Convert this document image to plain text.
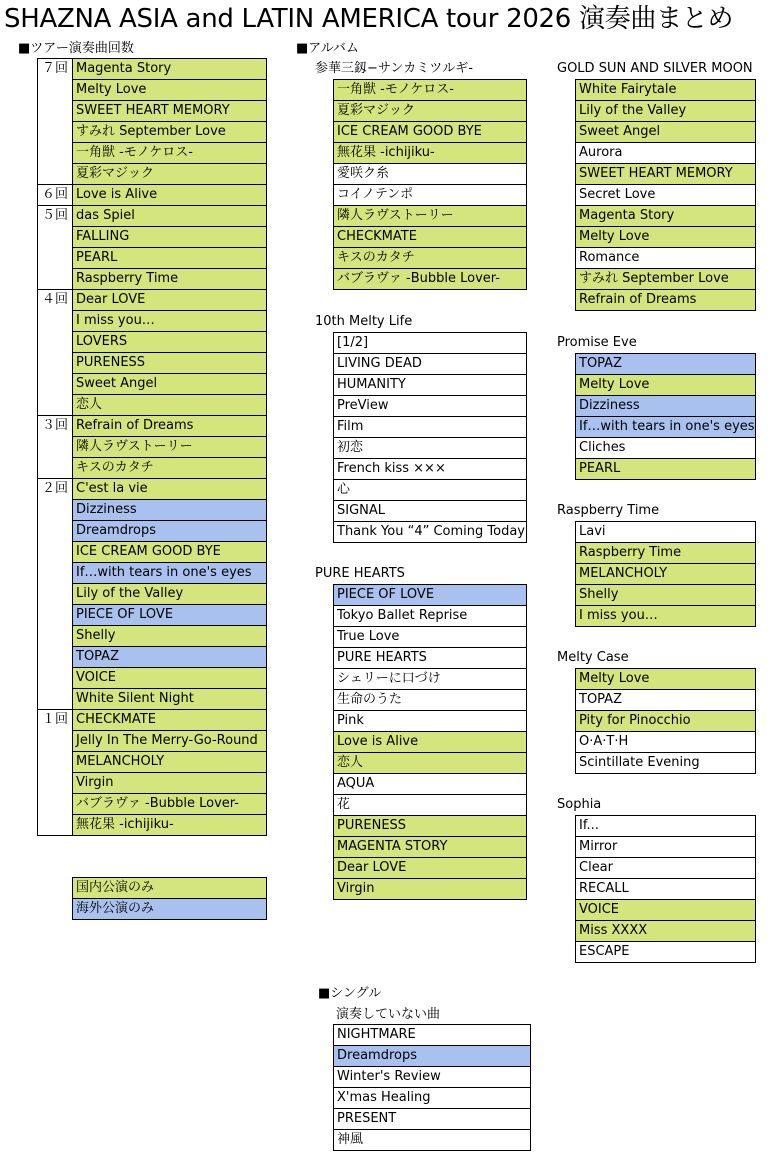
SHAZNA ASIA and LATIN AMERICA tour 2026 演奏曲まとめ
■ツアー演奏曲回数	■アルバム
■シングル
７回 Magenta Story
Melty Love
SWEET HEART MEMORY
すみれ September Love
一角獣 -モノケロス-
夏彩マジック
６回 Love is Alive
５回 das Spiel
FALLING
PEARL
Raspberry Time
４回 Dear LOVE
I miss you…
LOVERS
PURENESS
Sweet Angel
恋人
３回 Refrain of Dreams
隣人ラヴストーリー
キスのカタチ
２回 C'est la vie
Dizziness
Dreamdrops
ICE CREAM GOOD BYE
If…with tears in one's eyes
Lily of the Valley
PIECE OF LOVE
Shelly
TOPAZ
VOICE
White Silent Night
１回 CHECKMATE
Jelly In The Merry-Go-Round
MELANCHOLY
Virgin
バブラヴァ -Bubble Lover-
無花果 -ichijiku-
国内公演のみ
海外公演のみ
参華三釼−サンカミツルギ-
一角獣 -モノケロス-
夏彩マジック
ICE CREAM GOOD BYE
無花果 -ichijiku-
愛咲ク糸
コイノテンポ
隣人ラヴストーリー
CHECKMATE
キスのカタチ
バブラヴァ -Bubble Lover-
10th Melty Life
[1/2]
LIVING DEAD
HUMANITY
PreView
Film
初恋
French kiss ×××
心
SIGNAL
Thank You “4” Coming Today
PURE HEARTS
PIECE OF LOVE
Tokyo Ballet Reprise
True Love
PURE HEARTS
シェリーに口づけ
生命のうた
Pink
Love is Alive
恋人
AQUA
花
PURENESS
MAGENTA STORY
Dear LOVE
Virgin
GOLD SUN AND SILVER MOON
White Fairytale
Lily of the Valley
Sweet Angel
Aurora
SWEET HEART MEMORY
Secret Love
Magenta Story
Melty Love
Romance
すみれ September Love
Refrain of Dreams
Promise Eve
TOPAZ
Melty Love
Dizziness
If…with tears in one's eyes
Cliches
PEARL
Raspberry Time
Lavi
Raspberry Time
MELANCHOLY
Shelly
I miss you…
Melty Case
Melty Love
TOPAZ
Pity for Pinocchio
O·A·T·H
Scintillate Evening
Sophia
If...
Mirror
Clear
RECALL
VOICE
Miss XXXX
ESCAPE
演奏していない曲
NIGHTMARE
Dreamdrops
Winter's Review
X'mas Healing
PRESENT
神風
